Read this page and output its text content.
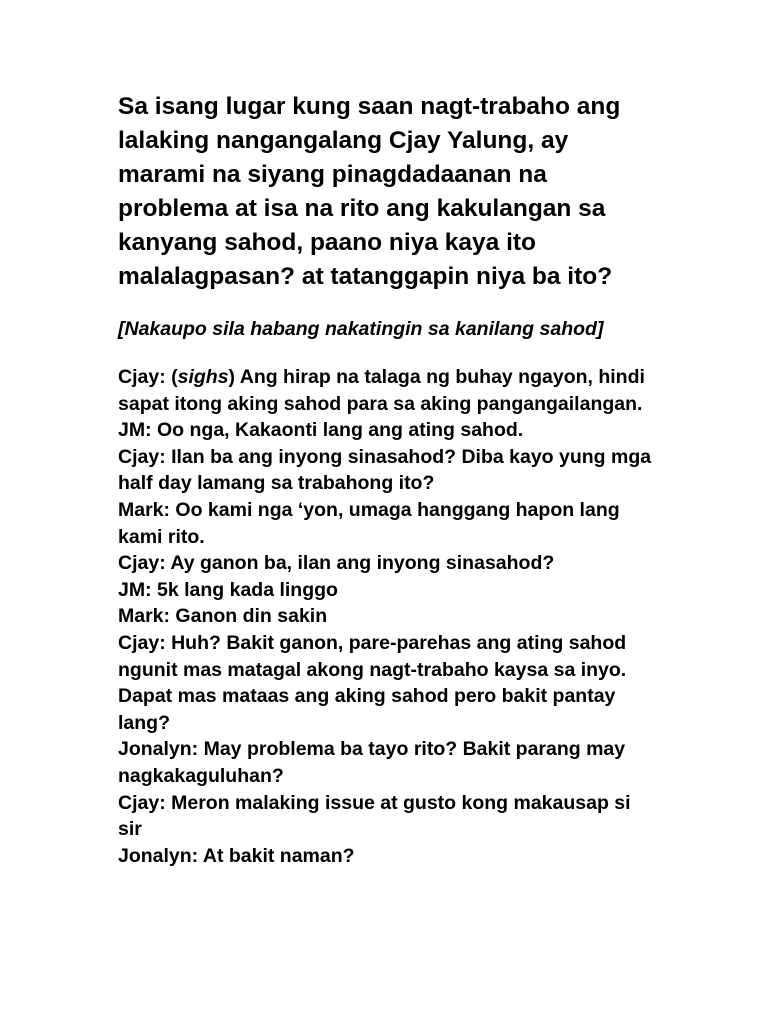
Sa isang lugar kung saan nagt-trabaho ang lalaking nangangalang Cjay Yalung, ay marami na siyang pinagdadaanan na problema at isa na rito ang kakulangan sa kanyang sahod, paano niya kaya ito malalagpasan? at tatanggapin niya ba ito?

[Nakaupo sila habang nakatingin sa kanilang sahod]

Cjay: (sighs) Ang hirap na talaga ng buhay ngayon, hindi sapat itong aking sahod para sa aking pangangailangan.

JM: Oo nga, Kakaonti lang ang ating sahod.

Cjay: Ilan ba ang inyong sinasahod? Diba kayo yung mga half day lamang sa trabahong ito?

Mark: Oo kami nga ‘yon, umaga hanggang hapon lang kami rito.

Cjay: Ay ganon ba, ilan ang inyong sinasahod?

JM: 5k lang kada linggo

Mark: Ganon din sakin

Cjay: Huh? Bakit ganon, pare-parehas ang ating sahod ngunit mas matagal akong nagt-trabaho kaysa sa inyo. Dapat mas mataas ang aking sahod pero bakit pantay lang?

Jonalyn: May problema ba tayo rito? Bakit parang may nagkakaguluhan?

Cjay: Meron malaking issue at gusto kong makausap si sir

Jonalyn: At bakit naman?
